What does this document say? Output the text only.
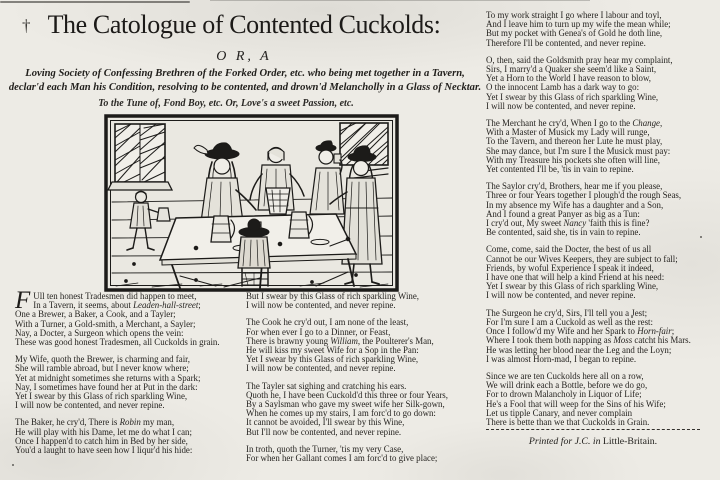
† The Catologue of Contented Cuckolds:
O R, A
Loving Society of Confessing Brethren of the Forked Order, etc. who being met together in a Tavern,
declar'd each Man his Condition, resolving to be contented, and drown'd Melancholly in a Glass of Necktar.
To the Tune of, Fond Boy, etc. Or, Love's a sweet Passion, etc.

F Ull ten honest Tradesmen did happen to meet,
In a Tavern, it seems, about Leaden-hall-street;
One a Brewer, a Baker, a Cook, and a Tayler;
With a Turner, a Gold-smith, a Merchant, a Sayler;
Nay, a Docter, a Surgeon which opens the vein:
These was good honest Tradesmen, all Cuckolds in grain.

My Wife, quoth the Brewer, is charming and fair,
She will ramble abroad, but I never know where;
Yet at midnight sometimes she returns with a Spark;
Nay, I sometimes have found her at Put in the dark:
Yet I swear by this Glass of rich sparkling Wine,
I will now be contented, and never repine.

The Baker, he cry'd, There is Robin my man,
He will play with his Dame, let me do what I can;
Once I happen'd to catch him in Bed by her side,
You'd a laught to have seen how I liqur'd his hide:

But I swear by this Glass of rich sparkling Wine,
I will now be contented, and never repine.

The Cook he cry'd out, I am none of the least,
For when ever I go to a Dinner, or Feast,
There is brawny young William, the Poulterer's Man,
He will kiss my sweet Wife for a Sop in the Pan:
Yet I swear by this Glass of rich sparkling Wine,
I will now be contented, and never repine.

The Tayler sat sighing and cratching his ears.
Quoth he, I have been Cuckold'd this three or four Years,
By a Saylsman who gave my sweet wife her Silk-gown,
When he comes up my stairs, I am forc'd to go down:
It cannot be avoided, I'll swear by this Wine,
But I'll now be contented, and never repine.

In troth, quoth the Turner, 'tis my very Case,
For when her Gallant comes I am forc'd to give place;

To my work straight I go where I labour and toyl,
And I leave him to turn up my wife the mean while;
But my pocket with Genea's of Gold he doth line,
Therefore I'll be contented, and never repine.

O, then, said the Goldsmith pray hear my complaint,
Sirs, I marry'd a Quaker she seem'd like a Saint,
Yet a Horn to the World I have reason to blow,
O the innocent Lamb has a dark way to go:
Yet I swear by this Glass of rich sparkling Wine,
I will now be contented, and never repine.

The Merchant he cry'd, When I go to the Change,
With a Master of Musick my Lady will runge,
To the Tavern, and thereon her Lute he must play,
She may dance, but I'm sure I the Musick must pay:
With my Treasure his pockets she often will line,
Yet contented I'll be, 'tis in vain to repine.

The Saylor cry'd, Brothers, hear me if you please,
Three or four Years together I plough'd the rough Seas,
In my absence my Wife has a daughter and a Son,
And I found a great Panyer as big as a Tun:
I cry'd out, My sweet Nancy 'faith this is fine?
Be contented, said she, tis in vain to repine.

Come, come, said the Docter, the best of us all
Cannot be our Wives Keepers, they are subject to fall;
Friends, by woful Experience I speak it indeed,
I have one that will help a kind Friend at his need:
Yet I swear by this Glass of rich sparkling Wine,
I will now be contented, and never repine.

The Surgeon he cry'd, Sirs, I'll tell you a Jest;
For I'm sure I am a Cuckold as well as the rest:
Once I follow'd my Wife and her Spark to Horn-fair;
Where I took them both napping as Moss catcht his Mars.
He was letting her blood near the Leg and the Loyn;
I was almost Horn-mad, I began to repine.

Since we are ten Cuckolds here all on a row,
We will drink each a Bottle, before we do go,
For to drown Malancholy in Liquor of Life;
He's a Fool that will weep for the Sins of his Wife;
Let us tipple Canary, and never complain
There is bette than we that Cuckolds in Grain.

Printed for J.C. in Little-Britain.
